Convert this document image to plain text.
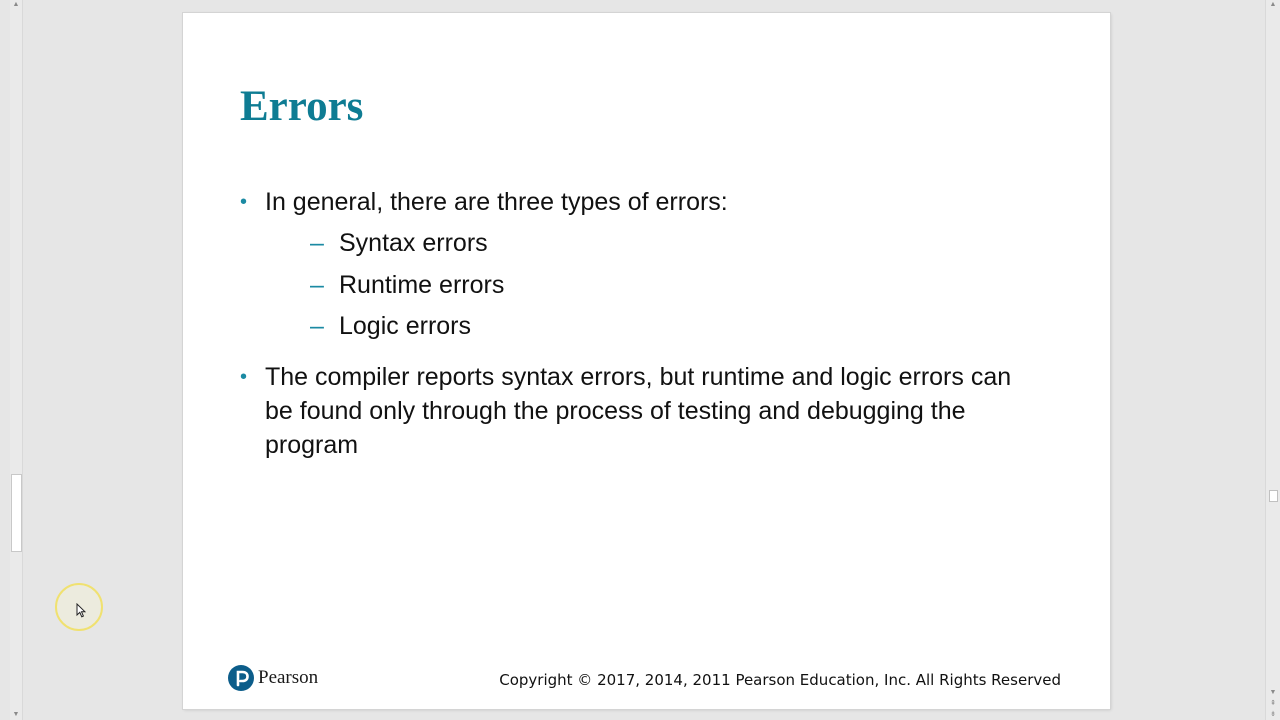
▲
▼
Errors
• In general, there are three types of errors:
– Syntax errors
– Runtime errors
– Logic errors
• The compiler reports syntax errors, but runtime and logic errors can be found only through the process of testing and debugging the program
Pearson	Copyright © 2017, 2014, 2011 Pearson Education, Inc. All Rights Reserved
▲
▼
⇞
⇟
